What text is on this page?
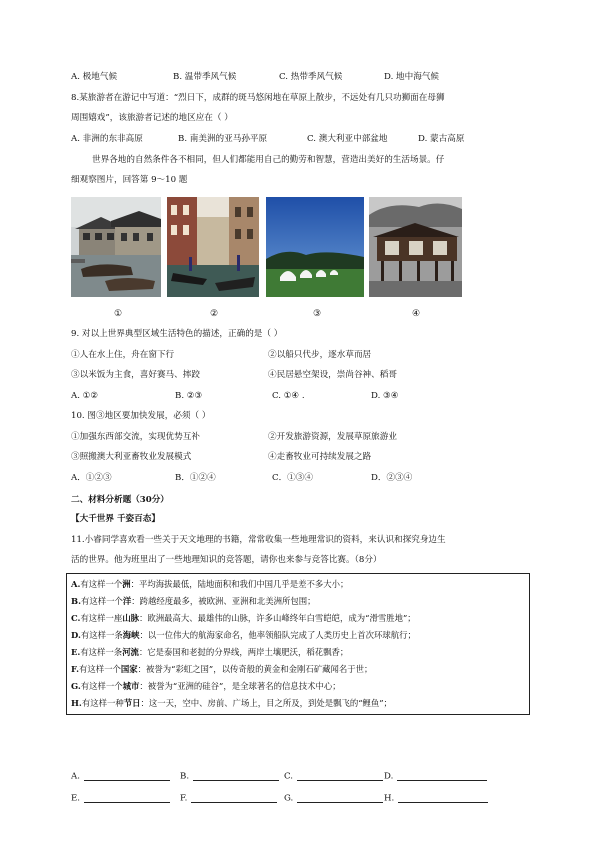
A. 极地气候	B. 温带季风气候	C. 热带季风气候	D. 地中海气候
8.某旅游者在游记中写道：“烈日下，成群的斑马悠闲地在草原上散步，不远处有几只功狮面在母狮
周围嬉戏”，该旅游者记述的地区应在（ ）
A. 非洲的东非高原	B. 南美洲的亚马孙平原	C. 澳大利亚中部盆地	D. 蒙古高原
世界各地的自然条件各不相同，但人们都能用自己的勤劳和智慧，营造出美好的生活场景。仔
细观察图片，回答第 9～10 题
①	②	③	④
9. 对以上世界典型区域生活特色的描述，正确的是（ ）
①人在水上住，舟在窗下行	②以船只代步，逐水草而居
③以米饭为主食，喜好赛马、摔跤	④民居悬空架设，崇尚谷神、稻哥
A. ①②	B. ②③	C. ①④ .	D. ③④
10. 图③地区要加快发展，必须（ ）
①加强东西部交流，实现优势互补	②开发旅游资源，发展草原旅游业
③照搬澳大利亚畜牧业发展模式	④走畜牧业可持续发展之路
A．①②③	B．①②④	C．①③④	D．②③④
二、材料分析题（30分）
【大千世界 千姿百态】
11.小睿同学喜欢看一些关于天文地理的书籍，常常收集一些地理常识的资料，来认识和探究身边生
活的世界。他为班里出了一些地理知识的竞答题，请你也来参与竞答比赛。（8分）
A.有这样一个洲：平均海拔最低，陆地面积和我们中国几乎是差不多大小；
B.有这样一个洋：跨越经度最多，被欧洲、亚洲和北美洲所包围；
C.有这样一座山脉：欧洲最高大、最雄伟的山脉，许多山峰终年白雪皑皑，成为“滑雪胜地”；
D.有这样一条海峡：以一位伟大的航海家命名，他率领船队完成了人类历史上首次环球航行；
E.有这样一条河流：它是泰国和老挝的分界线，两岸土壤肥沃，稻花飘香；
F.有这样一个国家：被誉为“彩虹之国”，以传奇般的黄金和金刚石矿藏闻名于世；
G.有这样一个城市：被誉为“亚洲的硅谷”，是全球著名的信息技术中心；
H.有这样一种节日：这一天，空中、房前、广场上，目之所及，到处是飘飞的“鲤鱼”；
A.	B.	C.	D.
E.	F.	G.	H.
